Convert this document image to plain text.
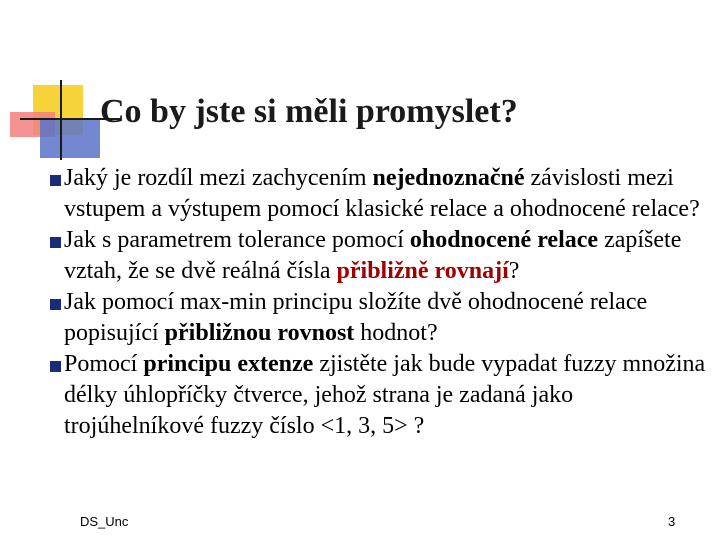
Co by jste si měli promyslet?
Jaký je rozdíl mezi zachycením nejednoznačné závislosti mezi vstupem a výstupem pomocí klasické relace a ohodnocené relace?
Jak s parametrem tolerance pomocí ohodnocené relace zapíšete vztah, že se dvě reálná čísla přibližně rovnají?
Jak pomocí max-min principu složíte dvě ohodnocené relace popisující přibližnou rovnost hodnot?
Pomocí principu extenze zjistěte jak bude vypadat fuzzy množina délky úhlopříčky čtverce, jehož strana je zadaná jako trojúhelníkové fuzzy číslo <1, 3, 5> ?
DS_Unc	3
